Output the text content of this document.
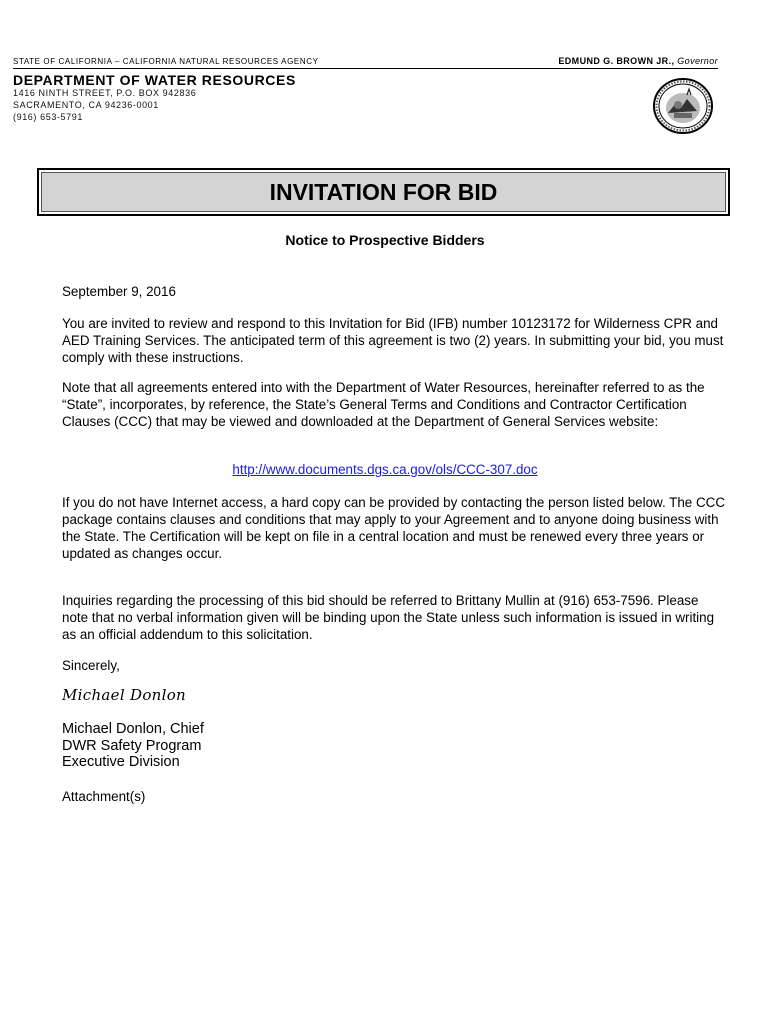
STATE OF CALIFORNIA – CALIFORNIA NATURAL RESOURCES AGENCY	EDMUND G. BROWN JR., Governor
DEPARTMENT OF WATER RESOURCES
1416 NINTH STREET, P.O. BOX 942836
SACRAMENTO, CA 94236-0001
(916) 653-5791
INVITATION FOR BID
Notice to Prospective Bidders
September 9, 2016

You are invited to review and respond to this Invitation for Bid (IFB) number 10123172 for Wilderness CPR and AED Training Services. The anticipated term of this agreement is two (2) years. In submitting your bid, you must comply with these instructions.

Note that all agreements entered into with the Department of Water Resources, hereinafter referred to as the “State”, incorporates, by reference, the State’s General Terms and Conditions and Contractor Certification Clauses (CCC) that may be viewed and downloaded at the Department of General Services website:

http://www.documents.dgs.ca.gov/ols/CCC-307.doc

If you do not have Internet access, a hard copy can be provided by contacting the person listed below. The CCC package contains clauses and conditions that may apply to your Agreement and to anyone doing business with the State. The Certification will be kept on file in a central location and must be renewed every three years or updated as changes occur.

Inquiries regarding the processing of this bid should be referred to Brittany Mullin at (916) 653-7596. Please note that no verbal information given will be binding upon the State unless such information is issued in writing as an official addendum to this solicitation.

Sincerely,
Michael Donlon
Michael Donlon, Chief
DWR Safety Program
Executive Division
Attachment(s)
